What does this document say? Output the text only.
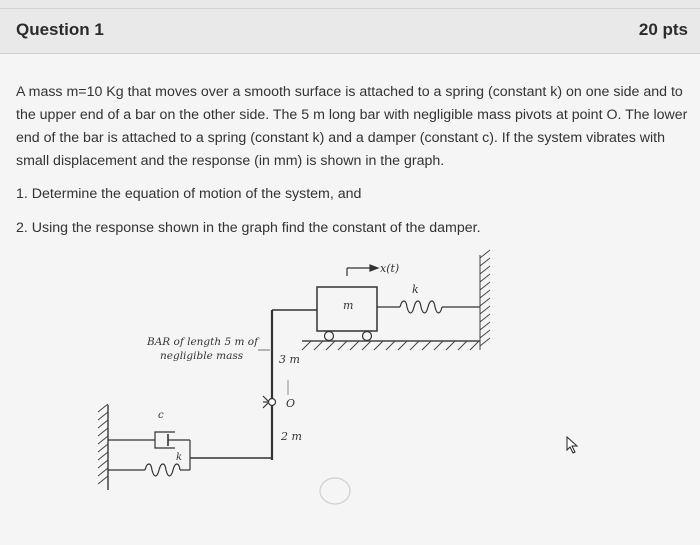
Question 1	20 pts
A mass m=10 Kg that moves over a smooth surface is attached to a spring (constant k) on one side and to the upper end of a bar on the other side. The 5 m long bar with negligible mass pivots at point O. The lower end of the bar is attached to a spring (constant k) and a damper (constant c). If the system vibrates with small displacement and the response (in mm) is shown in the graph.
1. Determine the equation of motion of the system, and
2. Using the response shown in the graph find the constant of the damper.
m
x(t)
k
O
3 m
2 m
BAR of length 5 m of
negligible mass
c
k
